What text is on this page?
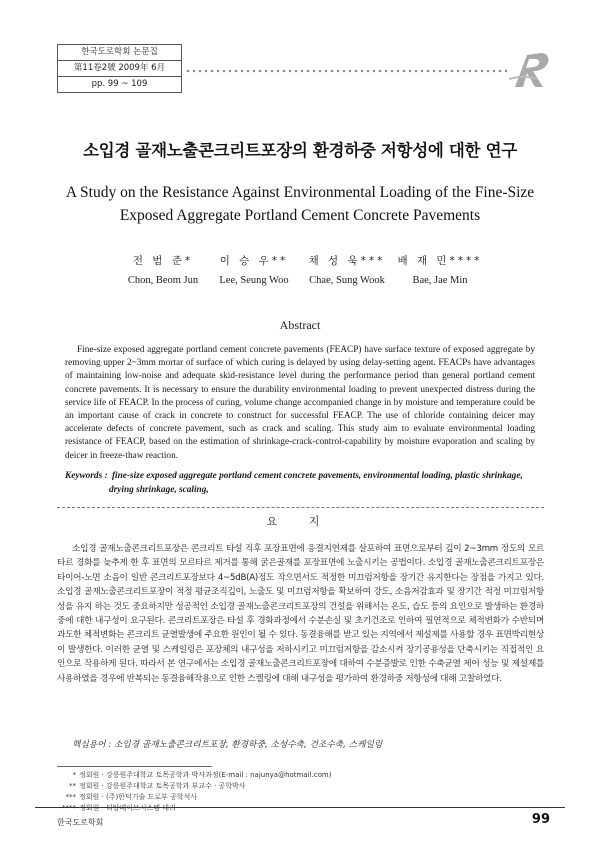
한국도로학회 논문집
第11卷2號 2009年 6月
pp. 99 ~ 109
소입경 골재노출콘크리트포장의 환경하중 저항성에 대한 연구
A Study on the Resistance Against Environmental Loading of the Fine-Size
Exposed Aggregate Portland Cement Concrete Pavements
전 범 준*
Chon, Beom Jun
이 승 우**
Lee, Seung Woo
채 성 욱***
Chae, Sung Wook
배 재 민****
Bae, Jae Min
Abstract
Fine-size exposed aggregate portland cement concrete pavements (FEACP) have surface texture of exposed aggregate by removing upper 2~3mm mortar of surface of which curing is delayed by using delay-setting agent. FEACPs have advantages of maintaining low-noise and adequate skid-resistance level during the performance period than general portland cement concrete pavements. It is necessary to ensure the durability environmental loading to prevent unexpected distress during the service life of FEACP. In the process of curing, volume change accompanied change in by moisture and temperature could be an important cause of crack in concrete to construct for successful FEACP. The use of chloride containing deicer may accelerate defects of concrete pavement, such as crack and scaling. This study aim to evaluate environmental loading resistance of FEACP, based on the estimation of shrinkage-crack-control-capability by moisture evaporation and scaling by deicer in freeze-thaw reaction.
Keywords : fine-size exposed aggregate portland cement concrete pavements, environmental loading, plastic shrinkage,
drying shrinkage, scaling,
요 지
소입경 골재노출콘크리트포장은 콘크리트 타설 직후 포장표면에 응결지연제를 살포하여 표면으로부터 깊이 2~3mm 정도의 모르타르 경화를 늦추게 한 후 표면의 모르타르 제거를 통해 굵은골재를 포장표면에 노출시키는 공법이다. 소입경 골재노출콘크리트포장은 타이어-노면 소음이 일반 콘크리트포장보다 4~5dB(A)정도 작으면서도 적정한 미끄럼저항을 장기간 유지한다는 장점을 가지고 있다. 소입경 골재노출콘크리트포장이 적정 평균조직깊이, 노출도 및 미끄럼저항을 확보하여 강도, 소음저감효과 및 장기간 적정 미끄럼저항성을 유지 하는 것도 중요하지만 성공적인 소입경 골재노출콘크리트포장의 건설을 위해서는 온도, 습도 등의 요인으로 발생하는 환경하중에 대한 내구성이 요구된다. 콘크리트포장은 타설 후 경화과정에서 수분손실 및 초기건조로 인하여 필연적으로 체적변화가 수반되며 과도한 체적변화는 콘크리트 균열발생에 주요한 원인이 될 수 있다. 동결융해를 받고 있는 지역에서 제설제를 사용할 경우 표면박리현상이 발생한다. 이러한 균열 및 스케일링은 포장체의 내구성을 저하시키고 미끄럼저항을 감소시켜 장기공용성을 단축시키는 직접적인 요인으로 작용하게 된다. 따라서 본 연구에서는 소입경 골재노출콘크리트포장에 대하여 수분증발로 인한 수축균열 제어 성능 및 제설제를 사용하였을 경우에 반복되는 동결융해작용으로 인한 스켈링에 대해 내구성을 평가하여 환경하중 저항성에 대해 고찰하였다.
핵심용어 : 소입경 골재노출콘크리트포장, 환경하중, 소성수축, 건조수축, 스케일링
* 정회원 · 강릉원주대학교 토목공학과 박사과정(E-mail : najunya@hotmail.com)
** 정회원 · 강릉원주대학교 토목공학과 부교수 · 공학박사
*** 정회원 · (주)한덕기술 도로부 공학석사
**** 정회원 · 티탑페이브시스템 대리
한국도로학회	99
